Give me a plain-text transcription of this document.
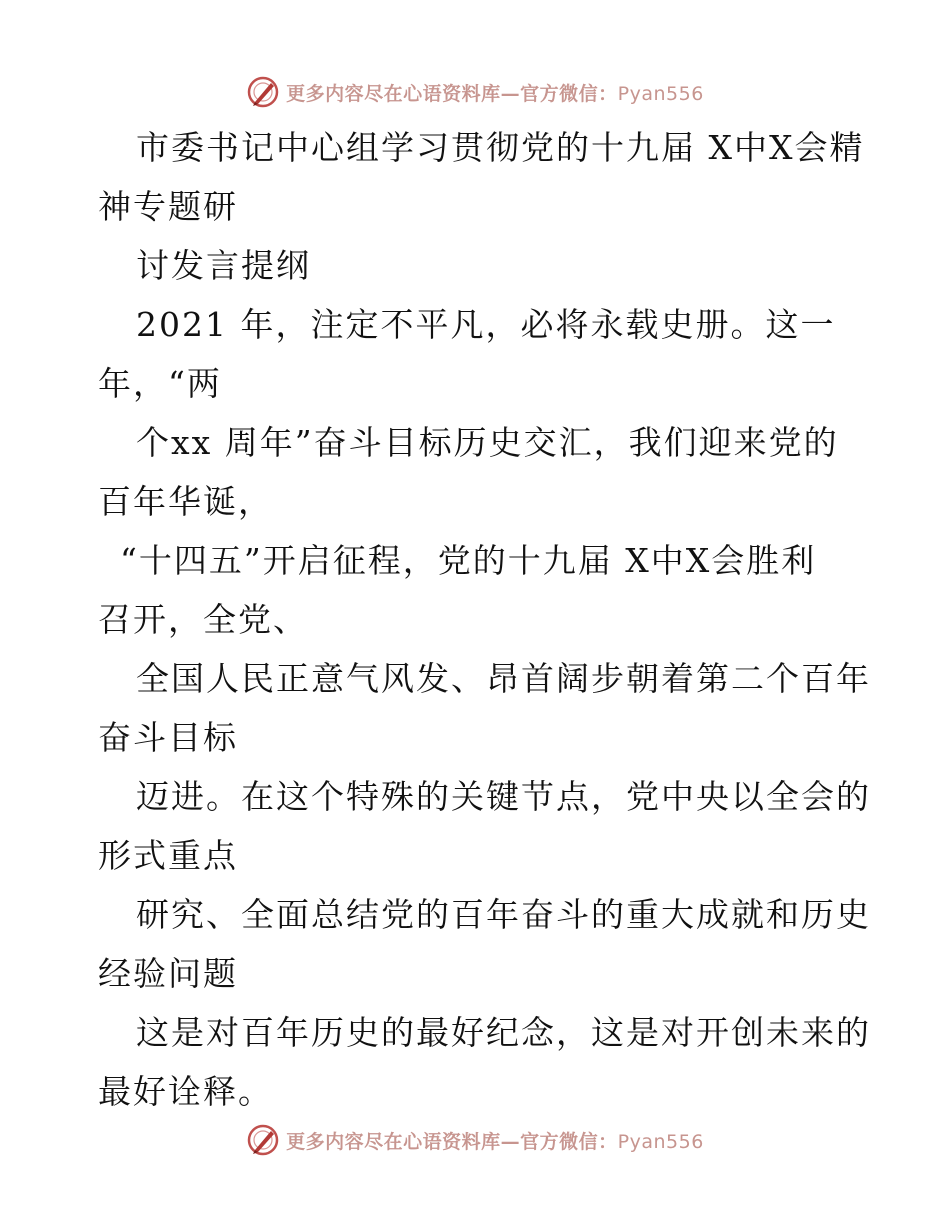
更多内容尽在心语资料库—官方微信：Pyan556

市委书记中心组学习贯彻党的十九届 X中X会精

神专题研

讨发言提纲

2021 年，注定不平凡，必将永载史册。这一

年，“两

个xx 周年”奋斗目标历史交汇，我们迎来党的

百年华诞，

“十四五”开启征程，党的十九届 X中X会胜利

召开，全党、

全国人民正意气风发、昂首阔步朝着第二个百年

奋斗目标

迈进。在这个特殊的关键节点，党中央以全会的

形式重点

研究、全面总结党的百年奋斗的重大成就和历史

经验问题

这是对百年历史的最好纪念，这是对开创未来的

最好诠释。

更多内容尽在心语资料库—官方微信：Pyan556
